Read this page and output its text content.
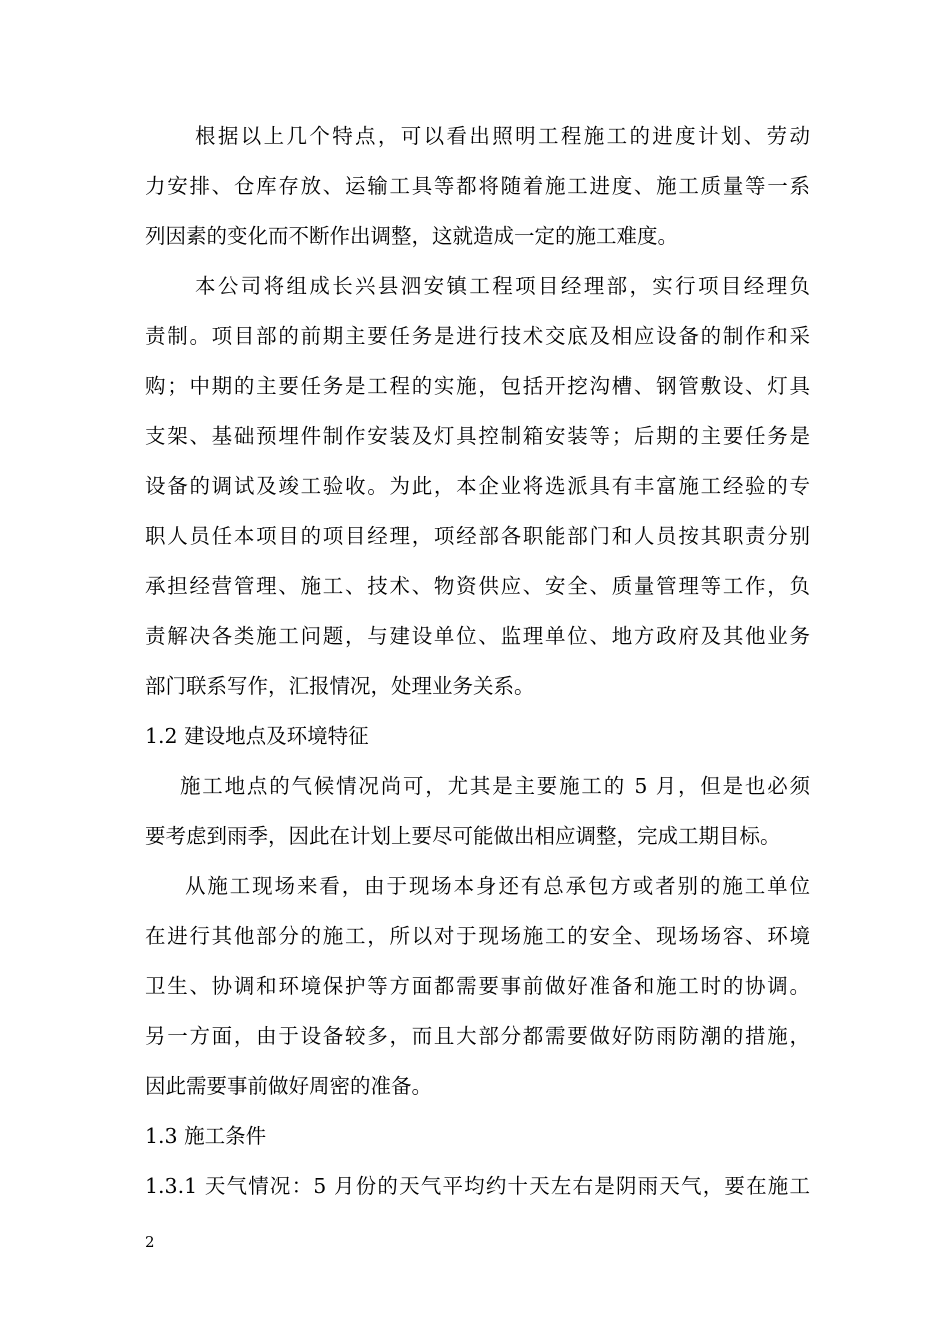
根据以上几个特点，可以看出照明工程施工的进度计划、劳动
力安排、仓库存放、运输工具等都将随着施工进度、施工质量等一系
列因素的变化而不断作出调整，这就造成一定的施工难度。
本公司将组成长兴县泗安镇工程项目经理部，实行项目经理负
责制。项目部的前期主要任务是进行技术交底及相应设备的制作和采
购；中期的主要任务是工程的实施，包括开挖沟槽、钢管敷设、灯具
支架、基础预埋件制作安装及灯具控制箱安装等；后期的主要任务是
设备的调试及竣工验收。为此，本企业将选派具有丰富施工经验的专
职人员任本项目的项目经理，项经部各职能部门和人员按其职责分别
承担经营管理、施工、技术、物资供应、安全、质量管理等工作，负
责解决各类施工问题，与建设单位、监理单位、地方政府及其他业务
部门联系写作，汇报情况，处理业务关系。
1.2 建设地点及环境特征
施工地点的气候情况尚可，尤其是主要施工的 5 月，但是也必须
要考虑到雨季，因此在计划上要尽可能做出相应调整，完成工期目标。
从施工现场来看，由于现场本身还有总承包方或者别的施工单位
在进行其他部分的施工，所以对于现场施工的安全、现场场容、环境
卫生、协调和环境保护等方面都需要事前做好准备和施工时的协调。
另一方面，由于设备较多，而且大部分都需要做好防雨防潮的措施，
因此需要事前做好周密的准备。
1.3 施工条件
1.3.1 天气情况：5 月份的天气平均约十天左右是阴雨天气，要在施工
2
